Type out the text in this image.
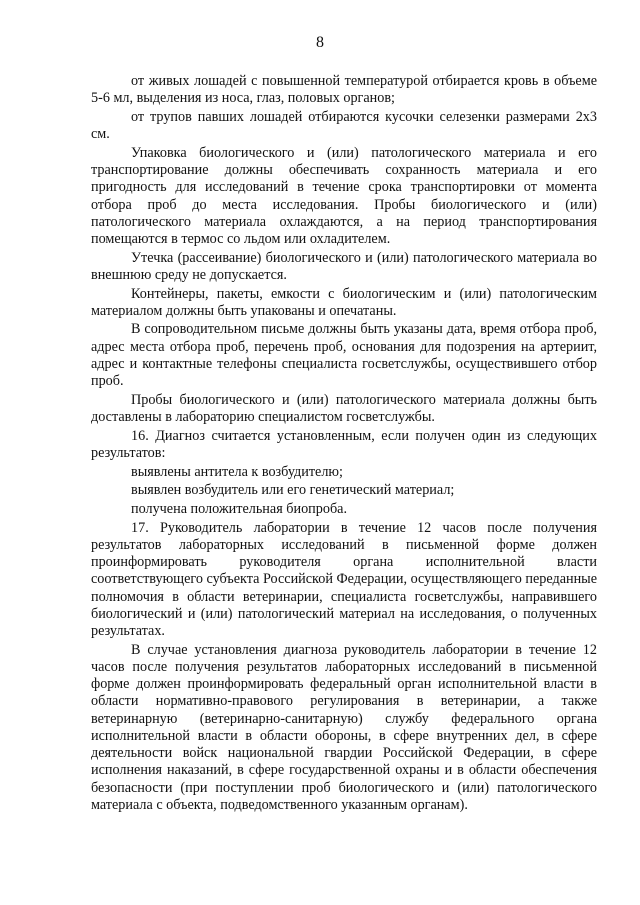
8

от живых лошадей с повышенной температурой отбирается кровь в объеме 5-6 мл, выделения из носа, глаз, половых органов;

от трупов павших лошадей отбираются кусочки селезенки размерами 2х3 см.

Упаковка биологического и (или) патологического материала и его транспортирование должны обеспечивать сохранность материала и его пригодность для исследований в течение срока транспортировки от момента отбора проб до места исследования. Пробы биологического и (или) патологического материала охлаждаются, а на период транспортирования помещаются в термос со льдом или охладителем.

Утечка (рассеивание) биологического и (или) патологического материала во внешнюю среду не допускается.

Контейнеры, пакеты, емкости с биологическим и (или) патологическим материалом должны быть упакованы и опечатаны.

В сопроводительном письме должны быть указаны дата, время отбора проб, адрес места отбора проб, перечень проб, основания для подозрения на артериит, адрес и контактные телефоны специалиста госветслужбы, осуществившего отбор проб.

Пробы биологического и (или) патологического материала должны быть доставлены в лабораторию специалистом госветслужбы.

16. Диагноз считается установленным, если получен один из следующих результатов:

выявлены антитела к возбудителю;

выявлен возбудитель или его генетический материал;

получена положительная биопроба.

17. Руководитель лаборатории в течение 12 часов после получения результатов лабораторных исследований в письменной форме должен проинформировать руководителя органа исполнительной власти соответствующего субъекта Российской Федерации, осуществляющего переданные полномочия в области ветеринарии, специалиста госветслужбы, направившего биологический и (или) патологический материал на исследования, о полученных результатах.

В случае установления диагноза руководитель лаборатории в течение 12 часов после получения результатов лабораторных исследований в письменной форме должен проинформировать федеральный орган исполнительной власти в области нормативно-правового регулирования в ветеринарии, а также ветеринарную (ветеринарно-санитарную) службу федерального органа исполнительной власти в области обороны, в сфере внутренних дел, в сфере деятельности войск национальной гвардии Российской Федерации, в сфере исполнения наказаний, в сфере государственной охраны и в области обеспечения безопасности (при поступлении проб биологического и (или) патологического материала с объекта, подведомственного указанным органам).
